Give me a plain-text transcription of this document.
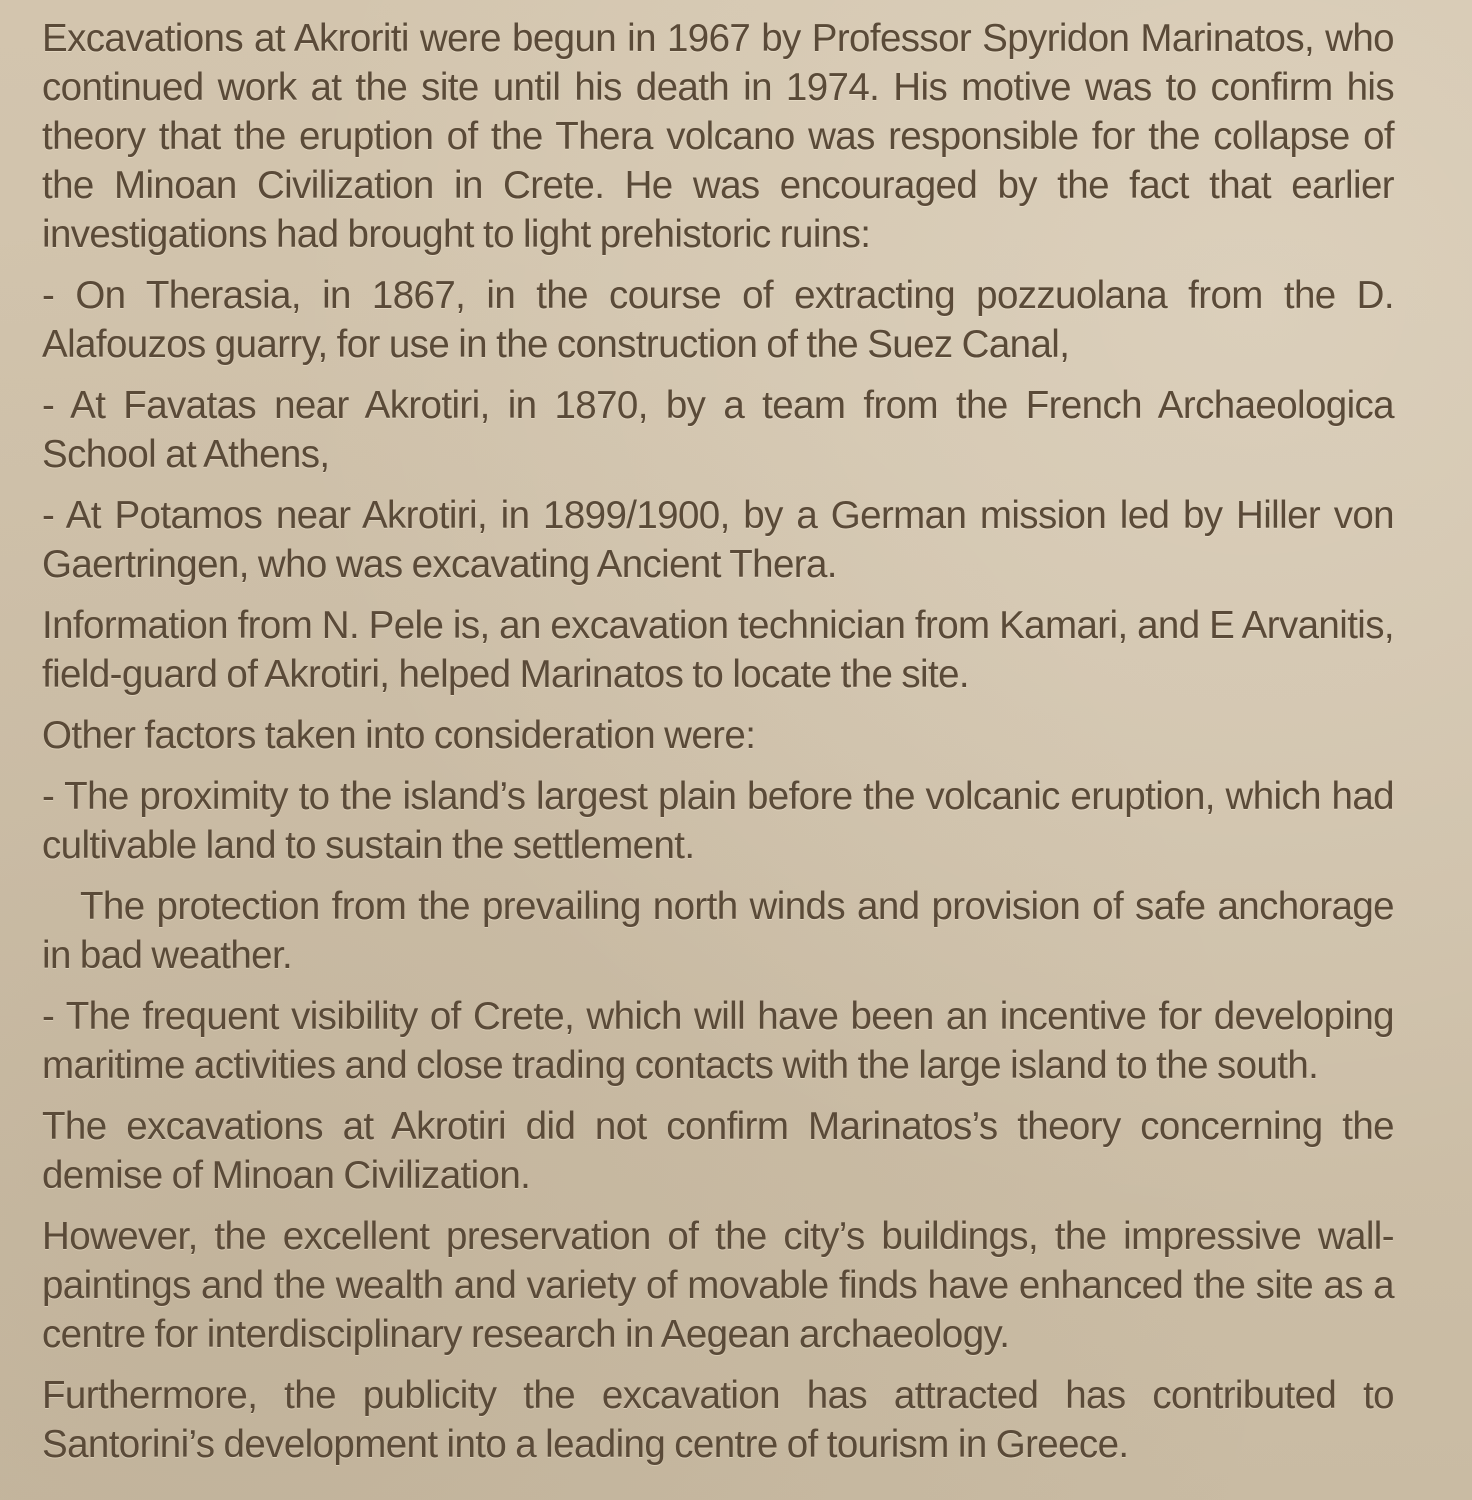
Excavations at Akroriti were begun in 1967 by Professor Spyridon Marinatos, who continued work at the site until his death in 1974. His motive was to confirm his theory that the eruption of the Thera volcano was responsible for the collapse of the Minoan Civilization in Crete. He was encouraged by the fact that earlier investigations had brought to light prehistoric ruins:

- On Therasia, in 1867, in the course of extracting pozzuolana from the D. Alafouzos guarry, for use in the construction of the Suez Canal,

- At Favatas near Akrotiri, in 1870, by a team from the French Archaeologica School at Athens,

- At Potamos near Akrotiri, in 1899/1900, by a German mission led by Hiller von Gaertringen, who was excavating Ancient Thera.

Information from N. Pele is, an excavation technician from Kamari, and E Arvanitis, field-guard of Akrotiri, helped Marinatos to locate the site.

Other factors taken into consideration were:

- The proximity to the island’s largest plain before the volcanic eruption, which had cultivable land to sustain the settlement.

The protection from the prevailing north winds and provision of safe anchorage in bad weather.

- The frequent visibility of Crete, which will have been an incentive for developing maritime activities and close trading contacts with the large island to the south.

The excavations at Akrotiri did not confirm Marinatos’s theory concerning the demise of Minoan Civilization.

However, the excellent preservation of the city’s buildings, the impressive wall-paintings and the wealth and variety of movable finds have enhanced the site as a centre for interdisciplinary research in Aegean archaeology.

Furthermore, the publicity the excavation has attracted has contributed to Santorini’s development into a leading centre of tourism in Greece.
